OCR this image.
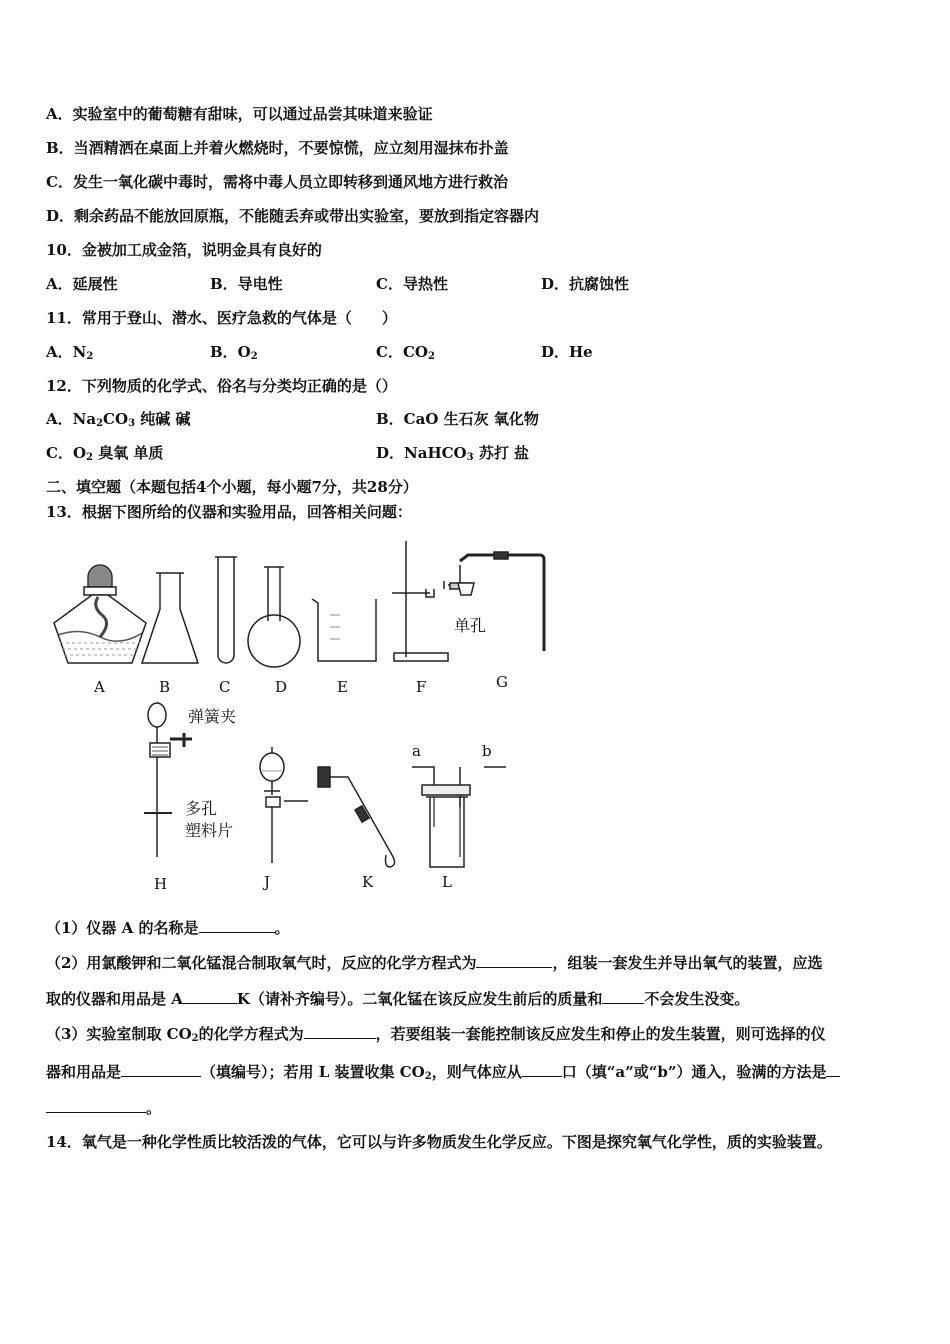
A．实验室中的葡萄糖有甜味，可以通过品尝其味道来验证
B．当酒精洒在桌面上并着火燃烧时，不要惊慌，应立刻用湿抹布扑盖
C．发生一氧化碳中毒时，需将中毒人员立即转移到通风地方进行救治
D．剩余药品不能放回原瓶，不能随丢弃或带出实验室，要放到指定容器内
10．金被加工成金箔，说明金具有良好的
A．延展性	B．导电性	C．导热性	D．抗腐蚀性
11．常用于登山、潜水、医疗急救的气体是（　　）
A．$N_2$	B．$O_2$	C．$CO_2$	D．He
12．下列物质的化学式、俗名与分类均正确的是（）
A．$Na_2CO_3$ 纯碱 碱	B．CaO 生石灰 氧化物
C．$O_2$ 臭氧 单质	D．NaHCO$_3$ 苏打 盐
二、填空题（本题包括4个小题，每小题7分，共28分）
13．根据下图所给的仪器和实验用品，回答相关问题：
A	B	C	D	E	F	G
H	J	K	L
单孔
弹簧夹
多孔
塑料片
a	b
（1）仪器 A 的名称是	。
（2）用氯酸钾和二氧化锰混合制取氧气时，反应的化学方程式为	，组装一套发生并导出氧气的装置，应选
取的仪器和用品是 A	K（请补齐编号）。二氧化锰在该反应发生前后的质量和	不会发生没变。
（3）实验室制取 $CO_2$的化学方程式为	，若要组装一套能控制该反应发生和停止的发生装置，则可选择的仪
器和用品是	（填编号）；若用 L 装置收集 $CO_2$，则气体应从	口（填“a”或“b”）通入，验满的方法是
。
14．氧气是一种化学性质比较活泼的气体，它可以与许多物质发生化学反应。下图是探究氧气化学性，质的实验装置。
